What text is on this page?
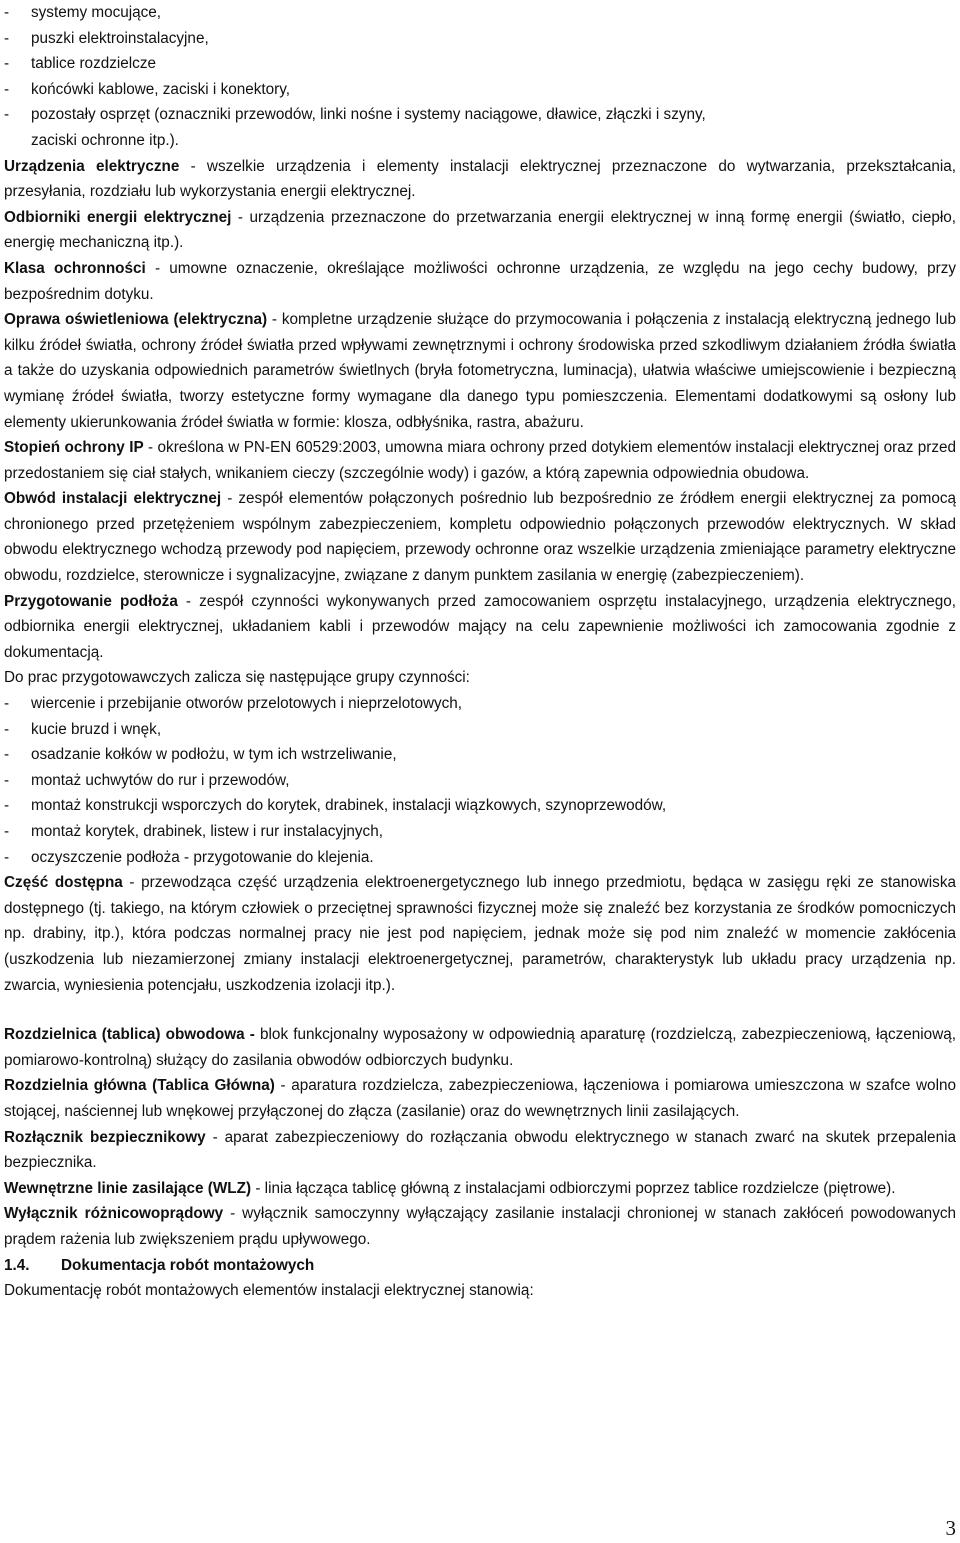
-	systemy mocujące,
-	puszki elektroinstalacyjne,
-	tablice rozdzielcze
-	końcówki kablowe, zaciski i konektory,
-	pozostały osprzęt (oznaczniki przewodów, linki nośne i systemy naciągowe, dławice, złączki i szyny,

zaciski ochronne itp.).

Urządzenia elektryczne - wszelkie urządzenia i elementy instalacji elektrycznej przeznaczone do wytwarzania, przekształcania, przesyłania, rozdziału lub wykorzystania energii elektrycznej.

Odbiorniki energii elektrycznej - urządzenia przeznaczone do przetwarzania energii elektrycznej w inną formę energii (światło, ciepło, energię mechaniczną itp.).

Klasa ochronności - umowne oznaczenie, określające możliwości ochronne urządzenia, ze względu na jego cechy budowy, przy bezpośrednim dotyku.

Oprawa oświetleniowa (elektryczna) - kompletne urządzenie służące do przymocowania i połączenia z instalacją elektryczną jednego lub kilku źródeł światła, ochrony źródeł światła przed wpływami zewnętrznymi i ochrony środowiska przed szkodliwym działaniem źródła światła a także do uzyskania odpowiednich parametrów świetlnych (bryła fotometryczna, luminacja), ułatwia właściwe umiejscowienie i bezpieczną wymianę źródeł światła, tworzy estetyczne formy wymagane dla danego typu pomieszczenia. Elementami dodatkowymi są osłony lub elementy ukierunkowania źródeł światła w formie: klosza, odbłyśnika, rastra, abażuru.

Stopień ochrony IP - określona w PN-EN 60529:2003, umowna miara ochrony przed dotykiem elementów instalacji elektrycznej oraz przed przedostaniem się ciał stałych, wnikaniem cieczy (szczególnie wody) i gazów, a którą zapewnia odpowiednia obudowa.

Obwód instalacji elektrycznej - zespół elementów połączonych pośrednio lub bezpośrednio ze źródłem energii elektrycznej za pomocą chronionego przed przetężeniem wspólnym zabezpieczeniem, kompletu odpowiednio połączonych przewodów elektrycznych. W skład obwodu elektrycznego wchodzą przewody pod napięciem, przewody ochronne oraz wszelkie urządzenia zmieniające parametry elektryczne obwodu, rozdzielce, sterownicze i sygnalizacyjne, związane z danym punktem zasilania w energię (zabezpieczeniem).

Przygotowanie podłoża - zespół czynności wykonywanych przed zamocowaniem osprzętu instalacyjnego, urządzenia elektrycznego, odbiornika energii elektrycznej, układaniem kabli i przewodów mający na celu zapewnienie możliwości ich zamocowania zgodnie z dokumentacją.

Do prac przygotowawczych zalicza się następujące grupy czynności:

-	wiercenie i przebijanie otworów przelotowych i nieprzelotowych,
-	kucie bruzd i wnęk,
-	osadzanie kołków w podłożu, w tym ich wstrzeliwanie,
-	montaż uchwytów do rur i przewodów,
-	montaż konstrukcji wsporczych do korytek, drabinek, instalacji wiązkowych, szynoprzewodów,
-	montaż korytek, drabinek, listew i rur instalacyjnych,
-	oczyszczenie podłoża - przygotowanie do klejenia.

Część dostępna - przewodząca część urządzenia elektroenergetycznego lub innego przedmiotu, będąca w zasięgu ręki ze stanowiska dostępnego (tj. takiego, na którym człowiek o przeciętnej sprawności fizycznej może się znaleźć bez korzystania ze środków pomocniczych np. drabiny, itp.), która podczas normalnej pracy nie jest pod napięciem, jednak może się pod nim znaleźć w momencie zakłócenia (uszkodzenia lub niezamierzonej zmiany instalacji elektroenergetycznej, parametrów, charakterystyk lub układu pracy urządzenia np. zwarcia, wyniesienia potencjału, uszkodzenia izolacji itp.).

Rozdzielnica (tablica) obwodowa - blok funkcjonalny wyposażony w odpowiednią aparaturę (rozdzielczą, zabezpieczeniową, łączeniową, pomiarowo-kontrolną) służący do zasilania obwodów odbiorczych budynku.

Rozdzielnia główna (Tablica Główna) - aparatura rozdzielcza, zabezpieczeniowa, łączeniowa i pomiarowa umieszczona w szafce wolno stojącej, naściennej lub wnękowej przyłączonej do złącza (zasilanie) oraz do wewnętrznych linii zasilających.

Rozłącznik bezpiecznikowy - aparat zabezpieczeniowy do rozłączania obwodu elektrycznego w stanach zwarć na skutek przepalenia bezpiecznika.

Wewnętrzne linie zasilające (WLZ) - linia łącząca tablicę główną z instalacjami odbiorczymi poprzez tablice rozdzielcze (piętrowe).

Wyłącznik różnicowoprądowy - wyłącznik samoczynny wyłączający zasilanie instalacji chronionej w stanach zakłóceń powodowanych prądem rażenia lub zwiększeniem prądu upływowego.

1.4.	Dokumentacja robót montażowych

Dokumentację robót montażowych elementów instalacji elektrycznej stanowią:

3
